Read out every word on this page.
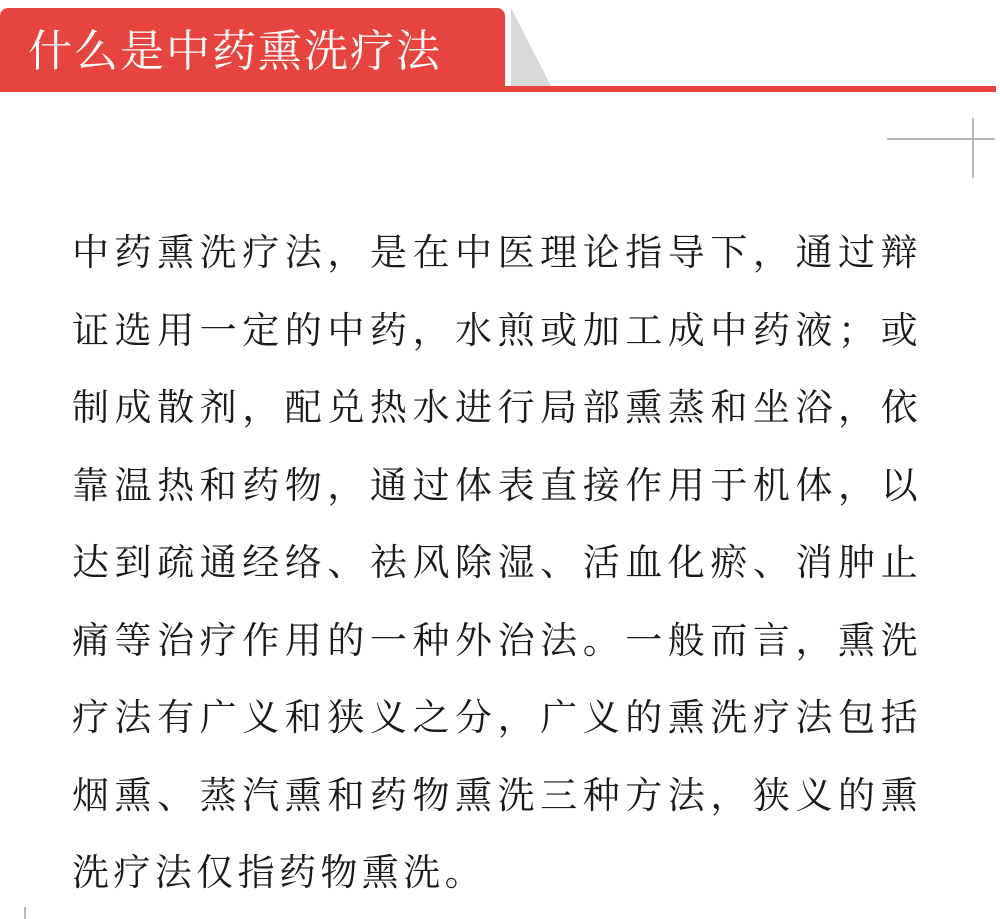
什么是中药熏洗疗法

中药熏洗疗法，是在中医理论指导下，通过辩证选用一定的中药，水煎或加工成中药液；或制成散剂，配兑热水进行局部熏蒸和坐浴，依靠温热和药物，通过体表直接作用于机体，以达到疏通经络、祛风除湿、活血化瘀、消肿止痛等治疗作用的一种外治法。一般而言，熏洗疗法有广义和狭义之分，广义的熏洗疗法包括烟熏、蒸汽熏和药物熏洗三种方法，狭义的熏洗疗法仅指药物熏洗。
